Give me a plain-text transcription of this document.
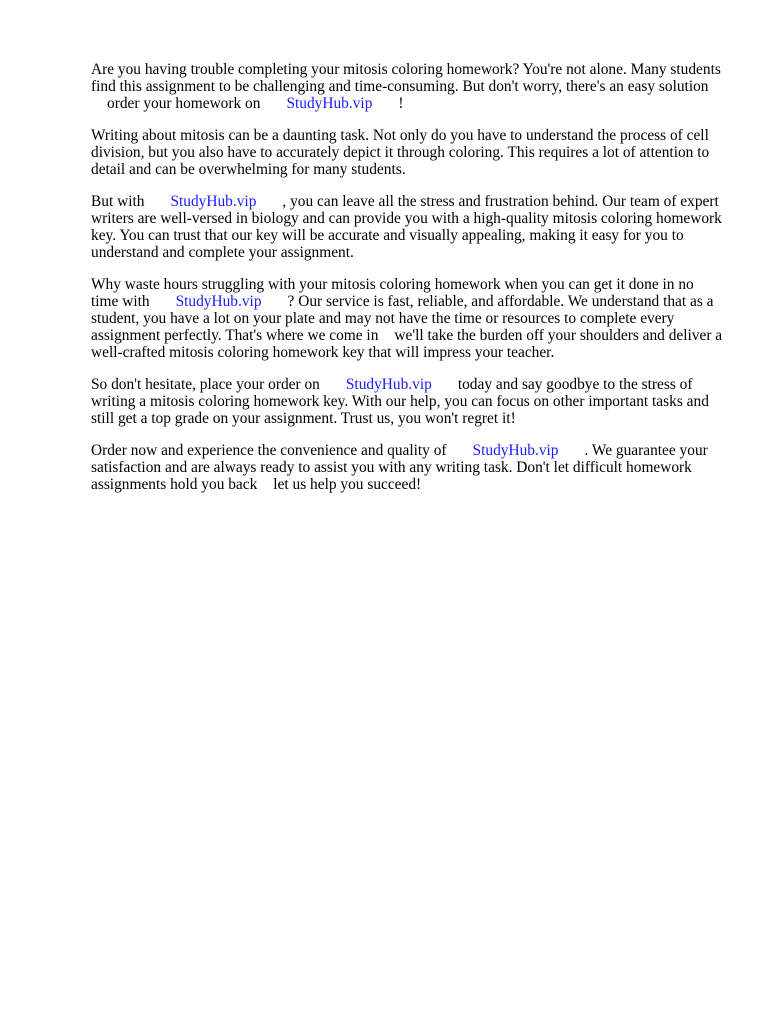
Are you having trouble completing your mitosis coloring homework? You're not alone. Many students find this assignment to be challenging and time-consuming. But don't worry, there's an easy solutionorder your homework on StudyHub.vip !

Writing about mitosis can be a daunting task. Not only do you have to understand the process of cell division, but you also have to accurately depict it through coloring. This requires a lot of attention to detail and can be overwhelming for many students.

But with StudyHub.vip , you can leave all the stress and frustration behind. Our team of expert writers are well-versed in biology and can provide you with a high-quality mitosis coloring homework key. You can trust that our key will be accurate and visually appealing, making it easy for you to understand and complete your assignment.

Why waste hours struggling with your mitosis coloring homework when you can get it done in no time with StudyHub.vip ? Our service is fast, reliable, and affordable. We understand that as a student, you have a lot on your plate and may not have the time or resources to complete every assignment perfectly. That's where we come in we'll take the burden off your shoulders and deliver a well-crafted mitosis coloring homework key that will impress your teacher.

So don't hesitate, place your order on StudyHub.vip today and say goodbye to the stress of writing a mitosis coloring homework key. With our help, you can focus on other important tasks and still get a top grade on your assignment. Trust us, you won't regret it!

Order now and experience the convenience and quality of StudyHub.vip . We guarantee your satisfaction and are always ready to assist you with any writing task. Don't let difficult homework assignments hold you back let us help you succeed!
